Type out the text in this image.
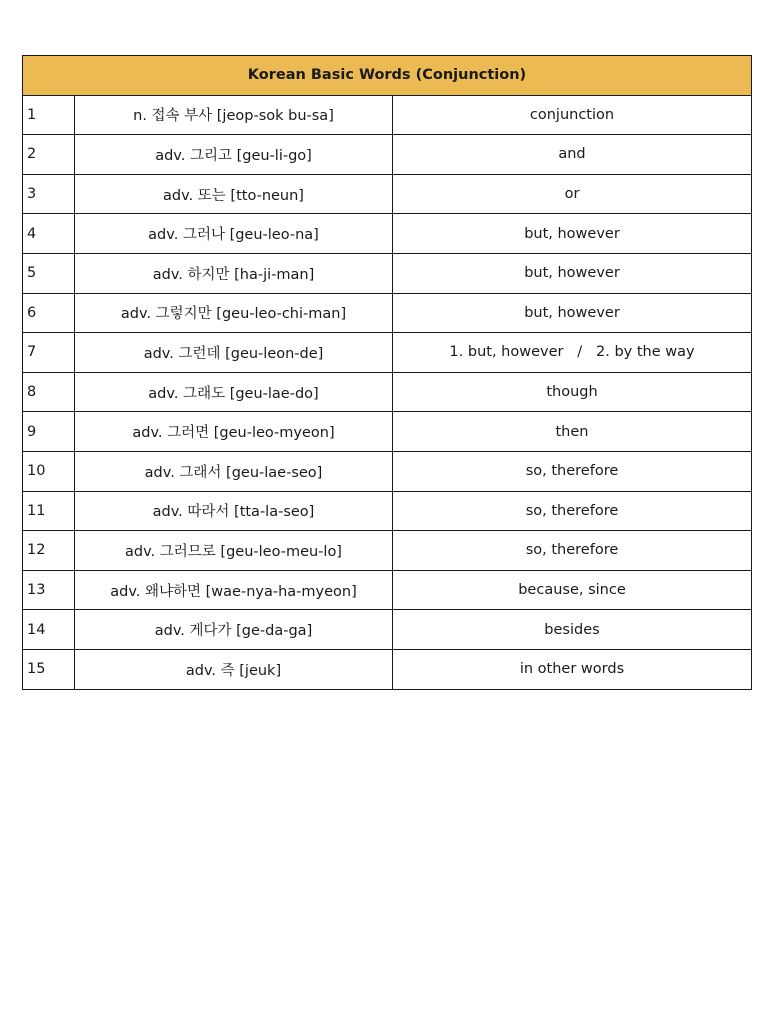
Korean Basic Words (Conjunction)		
1	n. 접속 부사 [jeop-sok bu-sa]	conjunction
2	adv. 그리고 [geu-li-go]	and
3	adv. 또는 [tto-neun]	or
4	adv. 그러나 [geu-leo-na]	but, however
5	adv. 하지만 [ha-ji-man]	but, however
6	adv. 그렇지만 [geu-leo-chi-man]	but, however
7	adv. 그런데 [geu-leon-de]	1. but, however   /   2. by the way
8	adv. 그래도 [geu-lae-do]	though
9	adv. 그러면 [geu-leo-myeon]	then
10	adv. 그래서 [geu-lae-seo]	so, therefore
11	adv. 따라서 [tta-la-seo]	so, therefore
12	adv. 그러므로 [geu-leo-meu-lo]	so, therefore
13	adv. 왜냐하면 [wae-nya-ha-myeon]	because, since
14	adv. 게다가 [ge-da-ga]	besides
15	adv. 즉 [jeuk]	in other words
